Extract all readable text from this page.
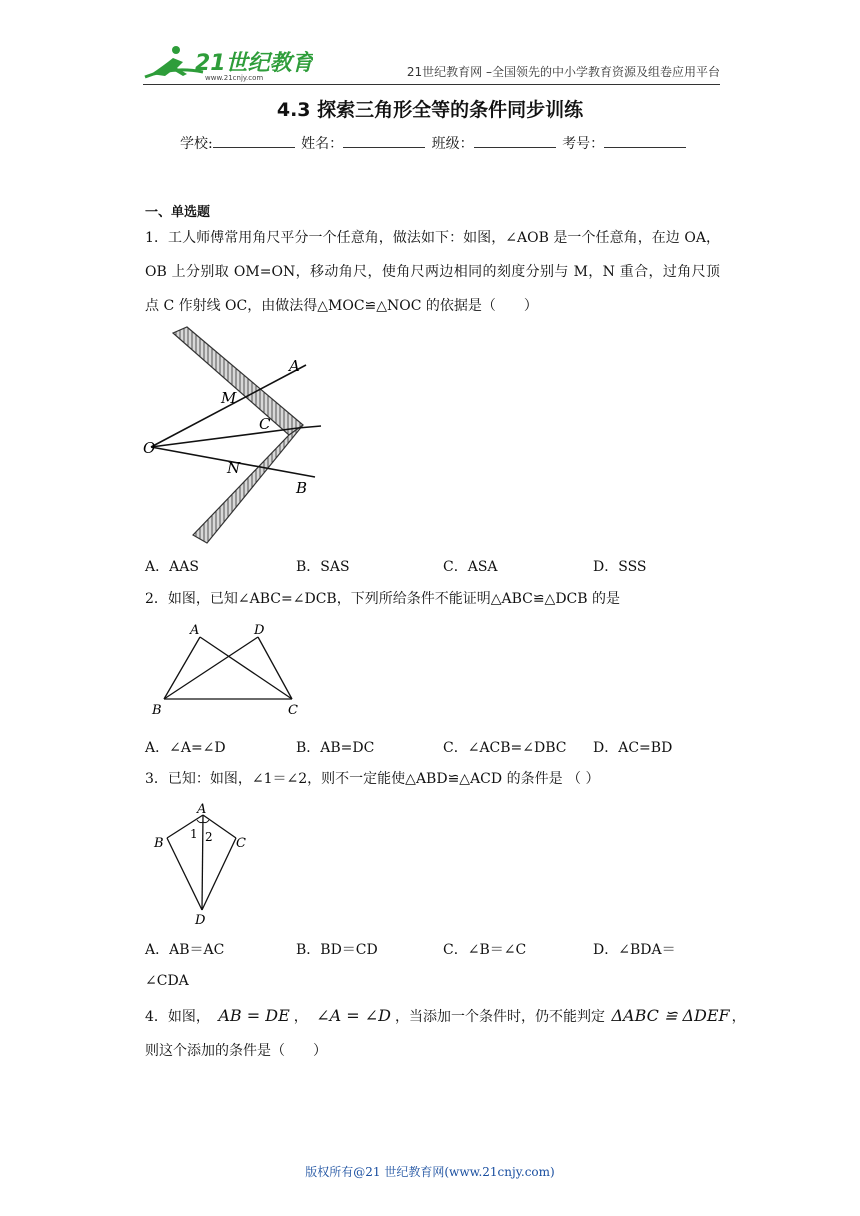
21世纪教育
www.21cnjy.com	21世纪教育网 –全国领先的中小学教育资源及组卷应用平台
4.3 探索三角形全等的条件同步训练
学校:	姓名：	班级：	考号：
一、单选题
1．工人师傅常用角尺平分一个任意角，做法如下：如图，∠AOB 是一个任意角，在边 OA，OB 上分别取 OM=ON，移动角尺，使角尺两边相同的刻度分别与 M，N 重合，过角尺顶点 C 作射线 OC，由做法得△MOC≌△NOC 的依据是（　　）
A
M
C
O
N
B
A．AAS	B．SAS	C．ASA	D．SSS
2．如图，已知∠ABC=∠DCB，下列所给条件不能证明△ABC≌△DCB 的是
A	D
B	C
A．∠A=∠D	B．AB=DC	C．∠ACB=∠DBC D．AC=BD
3．已知：如图，∠1＝∠2，则不一定能使△ABD≌△ACD 的条件是 （ ）
A
B
1 2 C
D
A．AB＝AC	B．BD＝CD	C．∠B＝∠C	D．∠BDA＝
∠CDA
4．如图， AB = DE ， ∠A = ∠D ，当添加一个条件时，仍不能判定 ΔABC ≌ ΔDEF ，
则这个添加的条件是（　　）
版权所有@21 世纪教育网(www.21cnjy.com)
